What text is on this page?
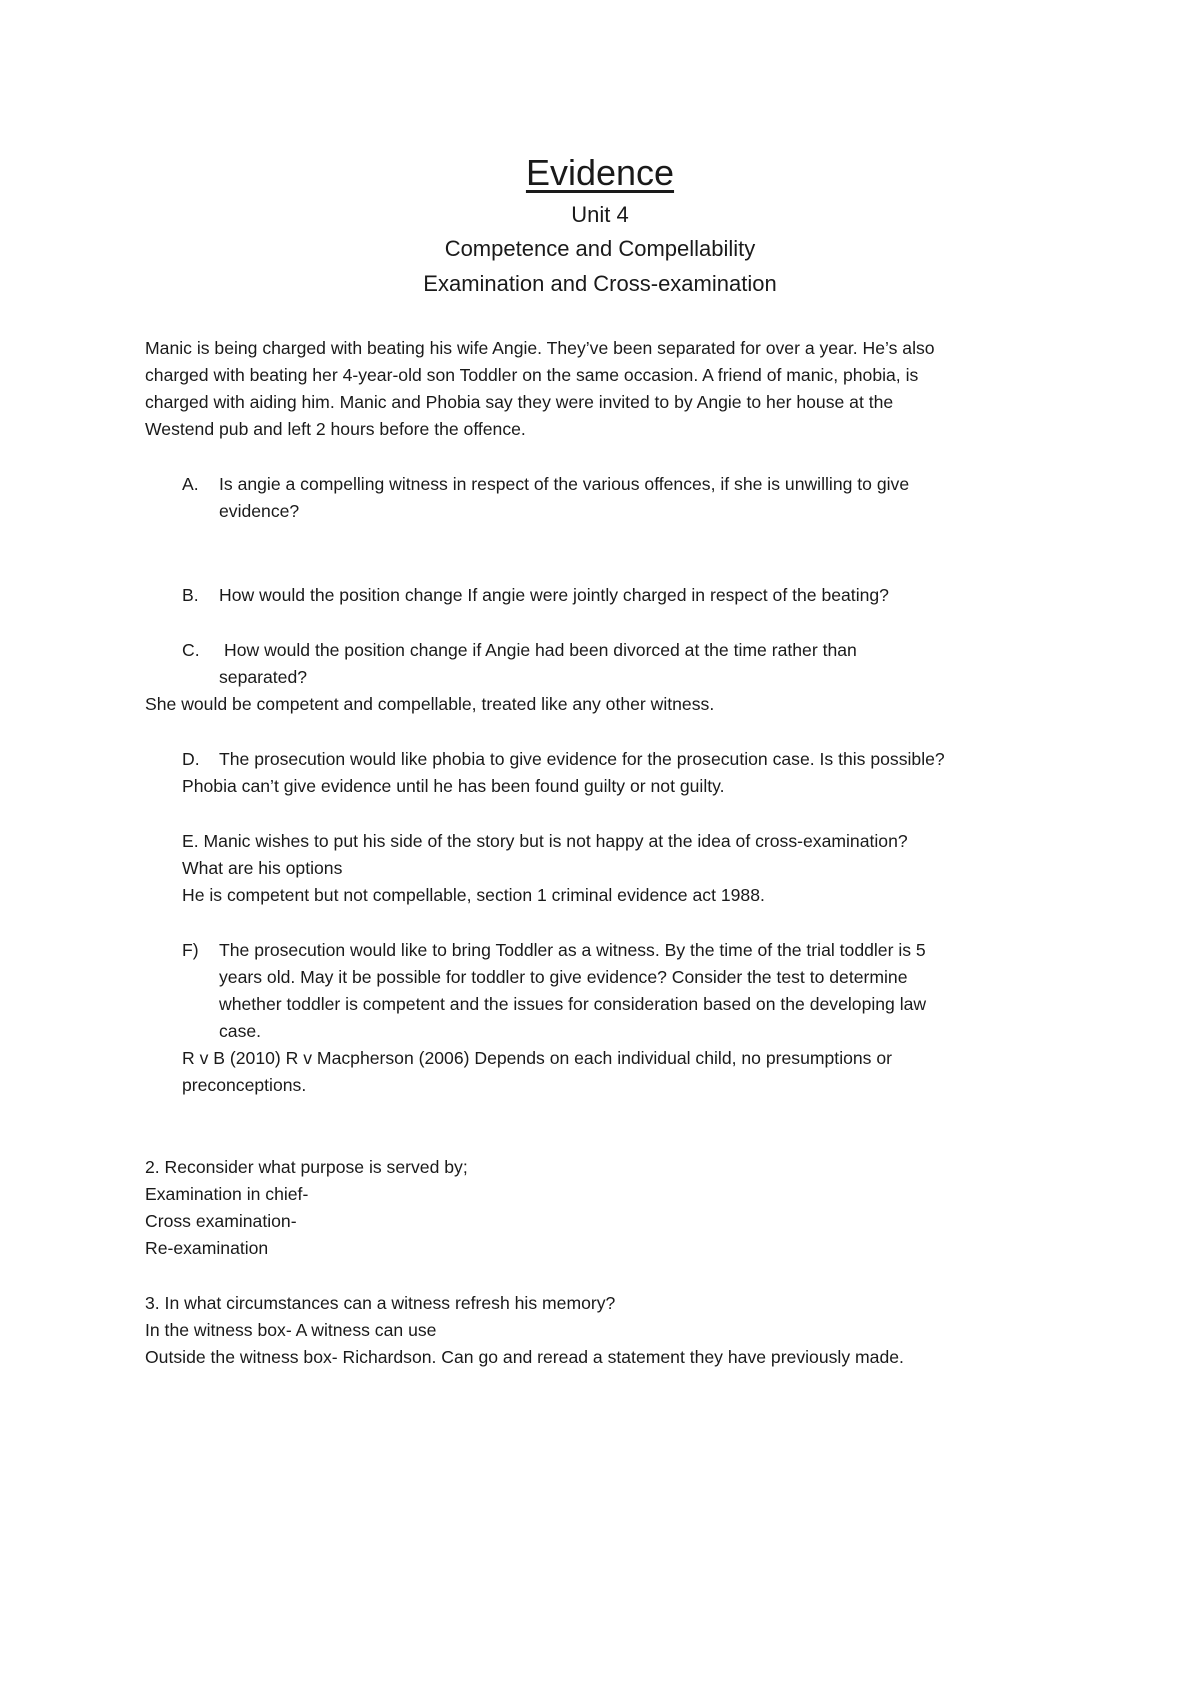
Evidence
Unit 4
Competence and Compellability
Examination and Cross-examination
Manic is being charged with beating his wife Angie. They’ve been separated for over a year. He’s also
charged with beating her 4-year-old son Toddler on the same occasion. A friend of manic, phobia, is
charged with aiding him. Manic and Phobia say they were invited to by Angie to her house at the
Westend pub and left 2 hours before the offence.
A. Is angie a compelling witness in respect of the various offences, if she is unwilling to give
evidence?
B. How would the position change If angie were jointly charged in respect of the beating?
C. How would the position change if Angie had been divorced at the time rather than
separated?
She would be competent and compellable, treated like any other witness.
D. The prosecution would like phobia to give evidence for the prosecution case. Is this possible?
Phobia can’t give evidence until he has been found guilty or not guilty.
E. Manic wishes to put his side of the story but is not happy at the idea of cross-examination?
What are his options
He is competent but not compellable, section 1 criminal evidence act 1988.
F) The prosecution would like to bring Toddler as a witness. By the time of the trial toddler is 5
years old. May it be possible for toddler to give evidence? Consider the test to determine
whether toddler is competent and the issues for consideration based on the developing law
case.
R v B (2010) R v Macpherson (2006) Depends on each individual child, no presumptions or
preconceptions.
2. Reconsider what purpose is served by;
Examination in chief-
Cross examination-
Re-examination
3. In what circumstances can a witness refresh his memory?
In the witness box- A witness can use
Outside the witness box- Richardson. Can go and reread a statement they have previously made.
